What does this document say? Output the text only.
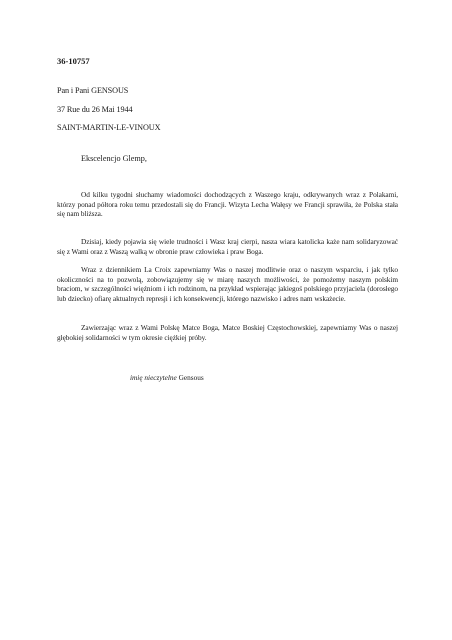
36-10757
Pan i Pani GENSOUS
37 Rue du 26 Mai 1944
SAINT-MARTIN-LE-VINOUX
Ekscelencjo Glemp,

Od kilku tygodni słuchamy wiadomości dochodzących z Waszego kraju, odkrywanych wraz z Polakami, którzy ponad półtora roku temu przedostali się do Francji. Wizyta Lecha Wałęsy we Francji sprawiła, że Polska stała się nam bliższa.

Dzisiaj, kiedy pojawia się wiele trudności i Wasz kraj cierpi, nasza wiara katolicka każe nam solidaryzować się z Wami oraz z Waszą walką w obronie praw człowieka i praw Boga.

Wraz z dziennikiem La Croix zapewniamy Was o naszej modlitwie oraz o naszym wsparciu, i jak tylko okoliczności na to pozwolą, zobowiązujemy się w miarę naszych możliwości, że pomożemy naszym polskim braciom, w szczególności więźniom i ich rodzinom, na przykład wspierając jakiegoś polskiego przyjaciela (dorosłego lub dziecko) ofiarę aktualnych represji i ich konsekwencji, którego nazwisko i adres nam wskażecie.

Zawierzając wraz z Wami Polskę Matce Boga, Matce Boskiej Częstochowskiej, zapewniamy Was o naszej głębokiej solidarności w tym okresie ciężkiej próby.

imię nieczytelne Gensous
